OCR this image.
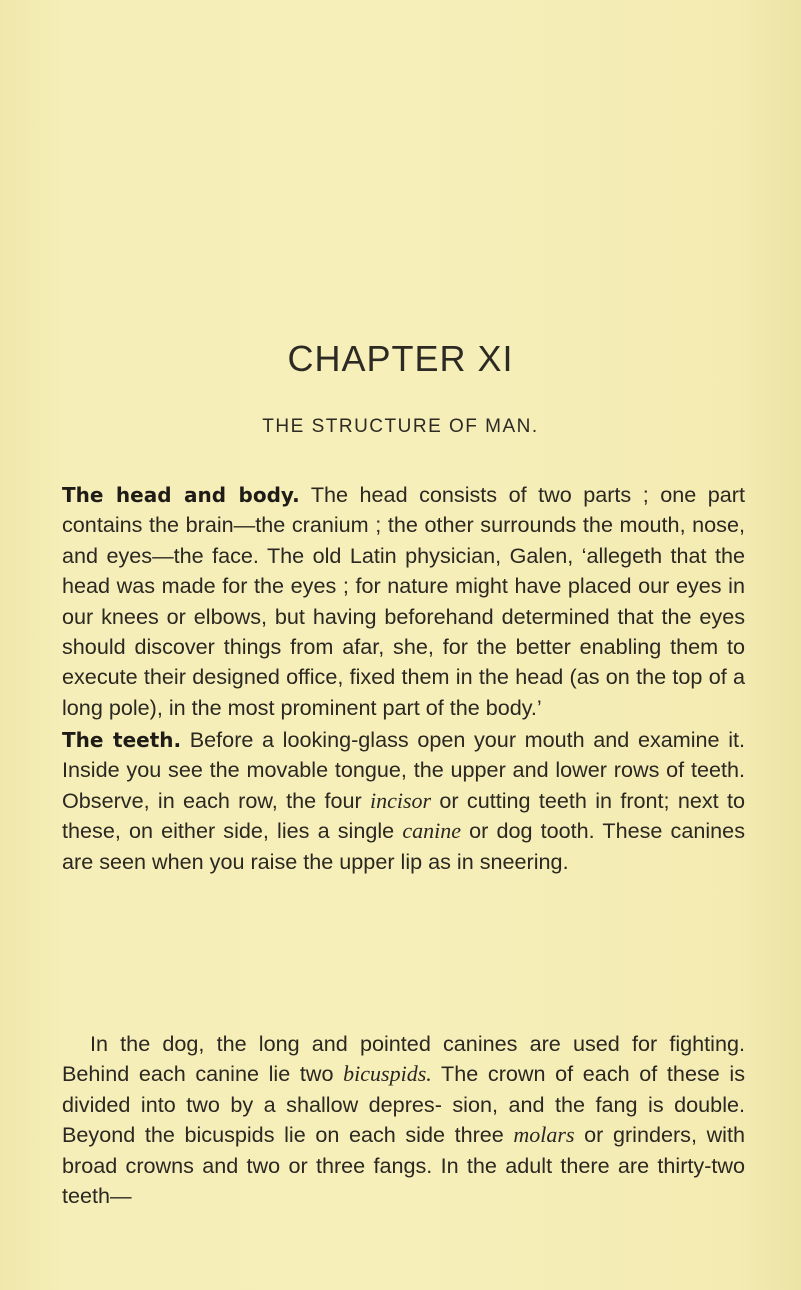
CHAPTER XI
THE STRUCTURE OF MAN.

The head and body. The head consists of two parts ; one part contains the brain—the cranium ; the other surrounds the mouth, nose, and eyes—the face. The old Latin physician, Galen, ‘allegeth that the head was made for the eyes ; for nature might have placed our eyes in our knees or elbows, but having beforehand determined that the eyes should discover things from afar, she, for the better enabling them to execute their designed office, fixed them in the head (as on the top of a long pole), in the most prominent part of the body.’

The teeth. Before a looking-glass open your mouth and examine it. Inside you see the movable tongue, the upper and lower rows of teeth. Observe, in each row, the four incisor or cutting teeth in front; next to these, on either side, lies a single canine or dog tooth. These canines are seen when you raise the upper lip as in sneering.

In the dog, the long and pointed canines are used for fighting. Behind each canine lie two bicuspids. The crown of each of these is divided into two by a shallow depres- sion, and the fang is double. Beyond the bicuspids lie on each side three molars or grinders, with broad crowns and two or three fangs. In the adult there are thirty-two teeth—
